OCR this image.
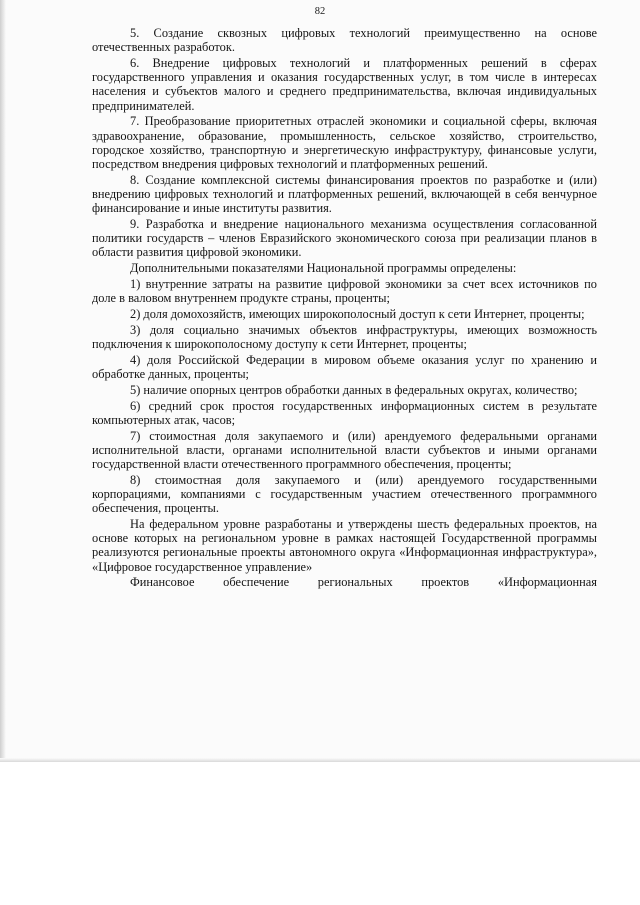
82

5. Создание сквозных цифровых технологий преимущественно на основе отечественных разработок.

6. Внедрение цифровых технологий и платформенных решений в сферах государственного управления и оказания государственных услуг, в том числе в интересах населения и субъектов малого и среднего предпринимательства, включая индивидуальных предпринимателей.

7. Преобразование приоритетных отраслей экономики и социальной сферы, включая здравоохранение, образование, промышленность, сельское хозяйство, строительство, городское хозяйство, транспортную и энергетическую инфраструктуру, финансовые услуги, посредством внедрения цифровых технологий и платформенных решений.

8. Создание комплексной системы финансирования проектов по разработке и (или) внедрению цифровых технологий и платформенных решений, включающей в себя венчурное финансирование и иные институты развития.

9. Разработка и внедрение национального механизма осуществления согласованной политики государств – членов Евразийского экономического союза при реализации планов в области развития цифровой экономики.

Дополнительными показателями Национальной программы определены:

1) внутренние затраты на развитие цифровой экономики за счет всех источников по доле в валовом внутреннем продукте страны, проценты;

2) доля домохозяйств, имеющих широкополосный доступ к сети Интернет, проценты;

3) доля социально значимых объектов инфраструктуры, имеющих возможность подключения к широкополосному доступу к сети Интернет, проценты;

4) доля Российской Федерации в мировом объеме оказания услуг по хранению и обработке данных, проценты;

5) наличие опорных центров обработки данных в федеральных округах, количество;

6) средний срок простоя государственных информационных систем в результате компьютерных атак, часов;

7) стоимостная доля закупаемого и (или) арендуемого федеральными органами исполнительной власти, органами исполнительной власти субъектов и иными органами государственной власти отечественного программного обеспечения, проценты;

8) стоимостная доля закупаемого и (или) арендуемого государственными корпорациями, компаниями с государственным участием отечественного программного обеспечения, проценты.

На федеральном уровне разработаны и утверждены шесть федеральных проектов, на основе которых на региональном уровне в рамках настоящей Государственной программы реализуются региональные проекты автономного округа «Информационная инфраструктура», «Цифровое государственное управление»

Финансовое обеспечение региональных проектов «Информационная
